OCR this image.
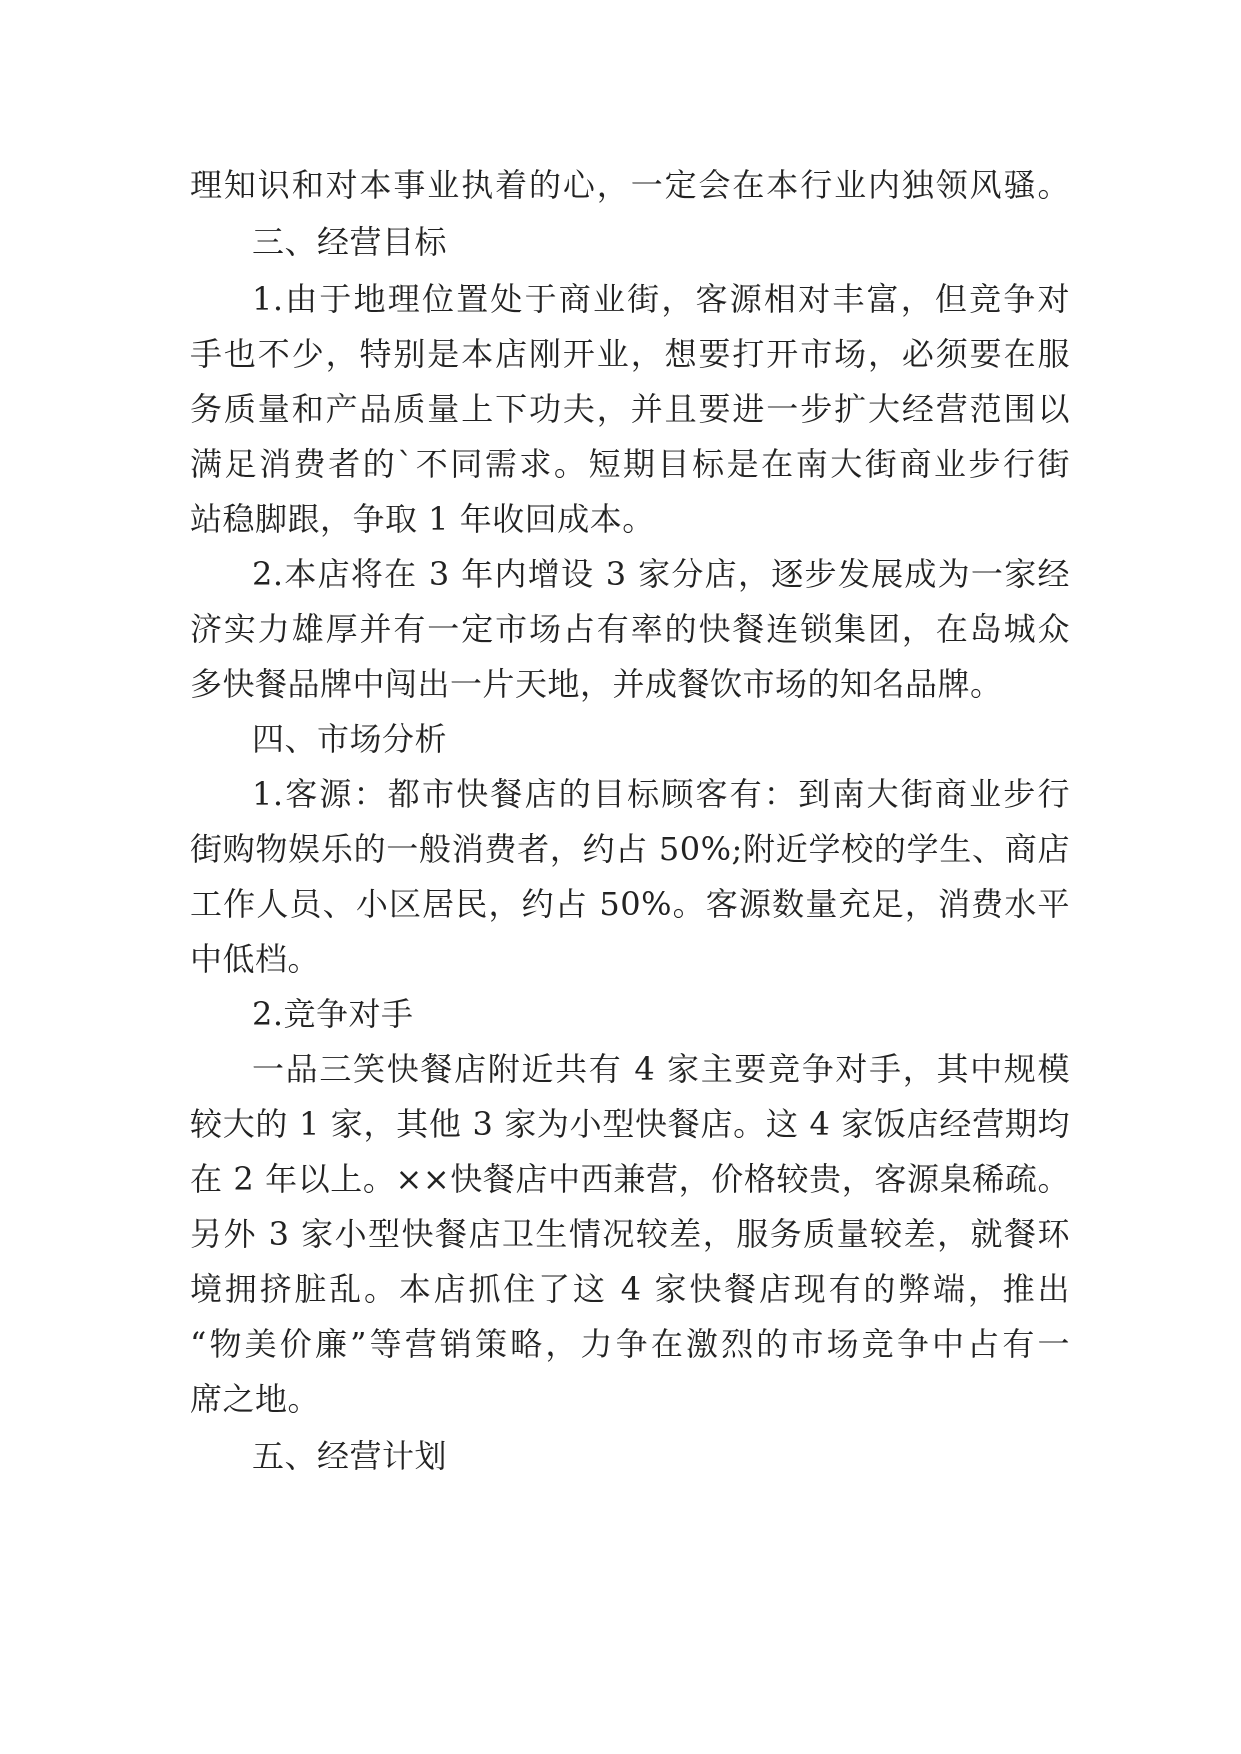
理知识和对本事业执着的心，一定会在本行业内独领风骚。
三、经营目标
1.由于地理位置处于商业街，客源相对丰富，但竞争对
手也不少，特别是本店刚开业，想要打开市场，必须要在服
务质量和产品质量上下功夫，并且要进一步扩大经营范围以
满足消费者的`不同需求。短期目标是在南大街商业步行街
站稳脚跟，争取 1 年收回成本。
2.本店将在 3 年内增设 3 家分店，逐步发展成为一家经
济实力雄厚并有一定市场占有率的快餐连锁集团，在岛城众
多快餐品牌中闯出一片天地，并成餐饮市场的知名品牌。
四、市场分析
1.客源：都市快餐店的目标顾客有：到南大街商业步行
街购物娱乐的一般消费者，约占 50%;附近学校的学生、商店
工作人员、小区居民，约占 50%。客源数量充足，消费水平
中低档。
2.竞争对手
一品三笑快餐店附近共有 4 家主要竞争对手，其中规模
较大的 1 家，其他 3 家为小型快餐店。这 4 家饭店经营期均
在 2 年以上。××快餐店中西兼营，价格较贵，客源臬稀疏。
另外 3 家小型快餐店卫生情况较差，服务质量较差，就餐环
境拥挤脏乱。本店抓住了这 4 家快餐店现有的弊端，推出
“物美价廉”等营销策略，力争在激烈的市场竞争中占有一
席之地。
五、经营计划
